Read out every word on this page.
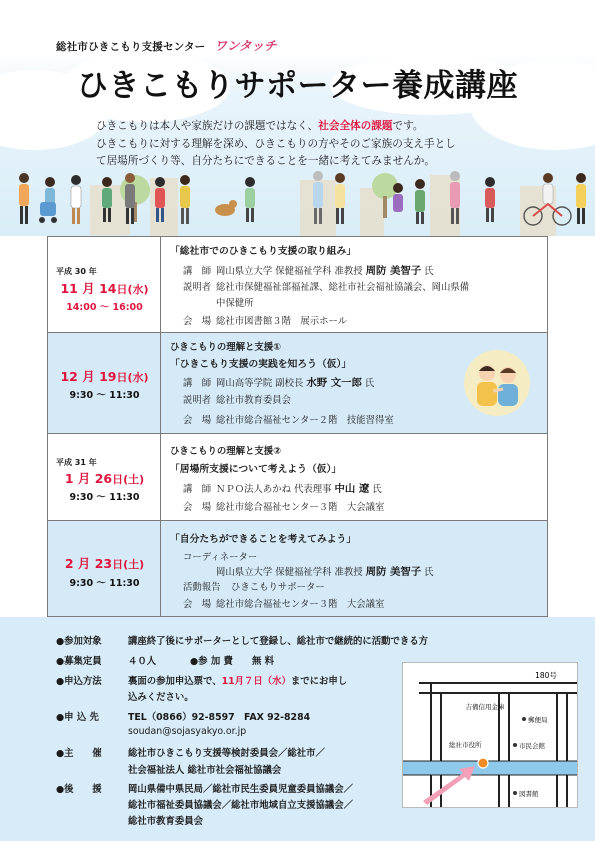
総社市ひきこもり支援センター ワンタッチ
ひきこもりサポーター養成講座
ひきこもりは本人や家族だけの課題ではなく、社会全体の課題です。
ひきこもりに対する理解を深め、ひきこもりの方やそのご家族の支え手とし
て居場所づくり等、自分たちにできることを一緒に考えてみませんか。
平成 30 年
11 月 14日(水)
14:00 ～ 16:00
「総社市でのひきこもり支援の取り組み」
講　師 岡山県立大学 保健福祉学科 准教授 周防 美智子 氏
説明者 総社市保健福祉部福祉課、総社市社会福祉協議会、岡山県備
中保健所
会　場 総社市図書館３階　展示ホール
12 月 19日(水)
9:30 ～ 11:30
ひきこもりの理解と支援①
「ひきこもり支援の実践を知ろう（仮）」
講　師 岡山高等学院 副校長 水野 文一郎 氏
説明者 総社市教育委員会
会　場 総社市総合福祉センター２階　技能習得室
平成 31 年
1 月 26日(土)
9:30 ～ 11:30
ひきこもりの理解と支援②
「居場所支援について考えよう（仮）」
講　師 ＮＰＯ法人あかね 代表理事 中山 遼 氏
会　場 総社市総合福祉センター３階　大会議室
2 月 23日(土)
9:30 ～ 11:30
「自分たちができることを考えてみよう」
コーディネーター
岡山県立大学 保健福祉学科 准教授 周防 美智子 氏
活動報告 ひきこもりサポーター
会　場 総社市総合福祉センター３階　大会議室
●参加対象	講座終了後にサポーターとして登録し、総社市で継続的に活動できる方
●募集定員	４０人	●参 加 費 無 料
●申込方法	裏面の参加申込票で、11月７日（水）までにお申し
込みください。
●申 込 先	TEL（0866）92-8597　FAX 92-8284
soudan@sojasyakyo.or.jp
●主　　催	総社市ひきこもり支援等検討委員会／総社市／
社会福祉法人 総社市社会福祉協議会
●後　　援	岡山県備中県民局／総社市民生委員児童委員協議会／
総社市福祉委員協議会／総社市地域自立支援協議会／
総社市教育委員会
180号
吉備信用金庫
郵便局
総社市役所	市民会館
図書館
